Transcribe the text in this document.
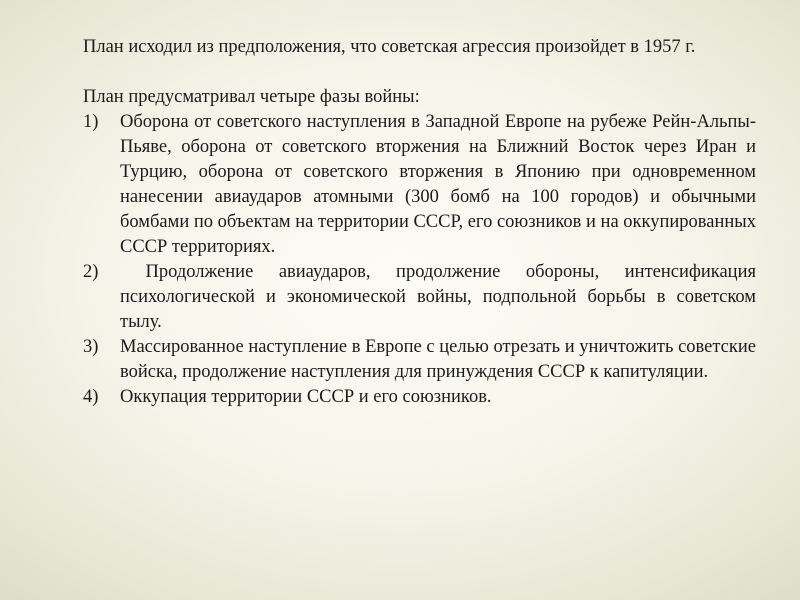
План исходил из предположения, что советская агрессия произойдет в 1957 г.

План предусматривал четыре фазы войны:

1) Оборона от советского наступления в Западной Европе на рубеже Рейн-Альпы-Пьяве, оборона от советского вторжения на Ближний Восток через Иран и Турцию, оборона от советского вторжения в Японию при одновременном нанесении авиаударов атомными (300 бомб на 100 городов) и обычными бомбами по объектам на территории СССР, его союзников и на оккупированных СССР территориях.
2) Продолжение авиаударов, продолжение обороны, интенсификация психологической и экономической войны, подпольной борьбы в советском тылу.
3) Массированное наступление в Европе с целью отрезать и уничтожить советские войска, продолжение наступления для принуждения СССР к капитуляции.
4) Оккупация территории СССР и его союзников.
